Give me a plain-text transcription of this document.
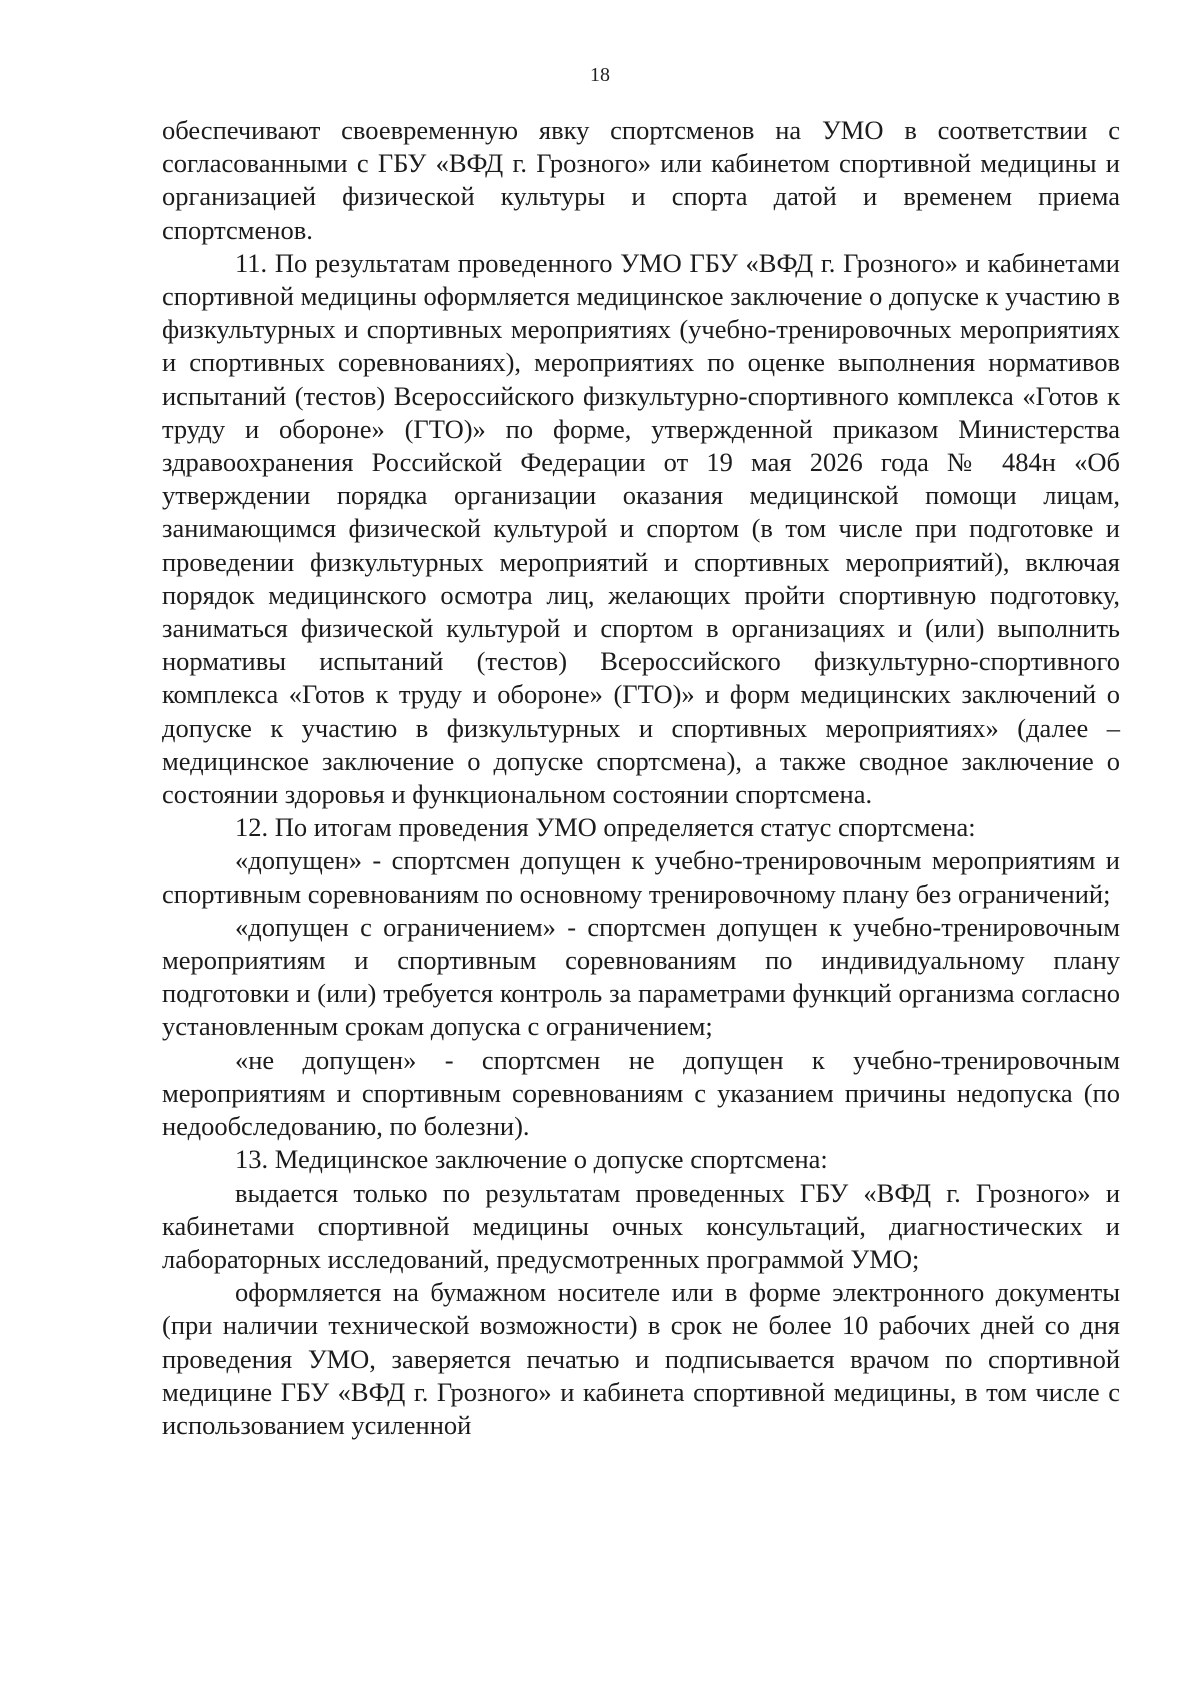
18

обеспечивают своевременную явку спортсменов на УМО в соответствии с согласованными с ГБУ «ВФД г. Грозного» или кабинетом спортивной медицины и организацией физической культуры и спорта датой и временем приема спортсменов.

11. По результатам проведенного УМО ГБУ «ВФД г. Грозного» и кабинетами спортивной медицины оформляется медицинское заключение о допуске к участию в физкультурных и спортивных мероприятиях (учебно-тренировочных мероприятиях и спортивных соревнованиях), мероприятиях по оценке выполнения нормативов испытаний (тестов) Всероссийского физкультурно-спортивного комплекса «Готов к труду и обороне» (ГТО)» по форме, утвержденной приказом Министерства здравоохранения Российской Федерации от 19 мая 2026 года № 484н «Об утверждении порядка организации оказания медицинской помощи лицам, занимающимся физической культурой и спортом (в том числе при подготовке и проведении физкультурных мероприятий и спортивных мероприятий), включая порядок медицинского осмотра лиц, желающих пройти спортивную подготовку, заниматься физической культурой и спортом в организациях и (или) выполнить нормативы испытаний (тестов) Всероссийского физкультурно-спортивного комплекса «Готов к труду и обороне» (ГТО)» и форм медицинских заключений о допуске к участию в физкультурных и спортивных мероприятиях» (далее – медицинское заключение о допуске спортсмена), а также сводное заключение о состоянии здоровья и функциональном состоянии спортсмена.

12. По итогам проведения УМО определяется статус спортсмена:

«допущен» - спортсмен допущен к учебно-тренировочным мероприятиям и спортивным соревнованиям по основному тренировочному плану без ограничений;

«допущен с ограничением» - спортсмен допущен к учебно-тренировочным мероприятиям и спортивным соревнованиям по индивидуальному плану подготовки и (или) требуется контроль за параметрами функций организма согласно установленным срокам допуска с ограничением;

«не допущен» - спортсмен не допущен к учебно-тренировочным мероприятиям и спортивным соревнованиям с указанием причины недопуска (по недообследованию, по болезни).

13. Медицинское заключение о допуске спортсмена:

выдается только по результатам проведенных ГБУ «ВФД г. Грозного» и кабинетами спортивной медицины очных консультаций, диагностических и лабораторных исследований, предусмотренных программой УМО;

оформляется на бумажном носителе или в форме электронного документы (при наличии технической возможности) в срок не более 10 рабочих дней со дня проведения УМО, заверяется печатью и подписывается врачом по спортивной медицине ГБУ «ВФД г. Грозного» и кабинета спортивной медицины, в том числе с использованием усиленной
